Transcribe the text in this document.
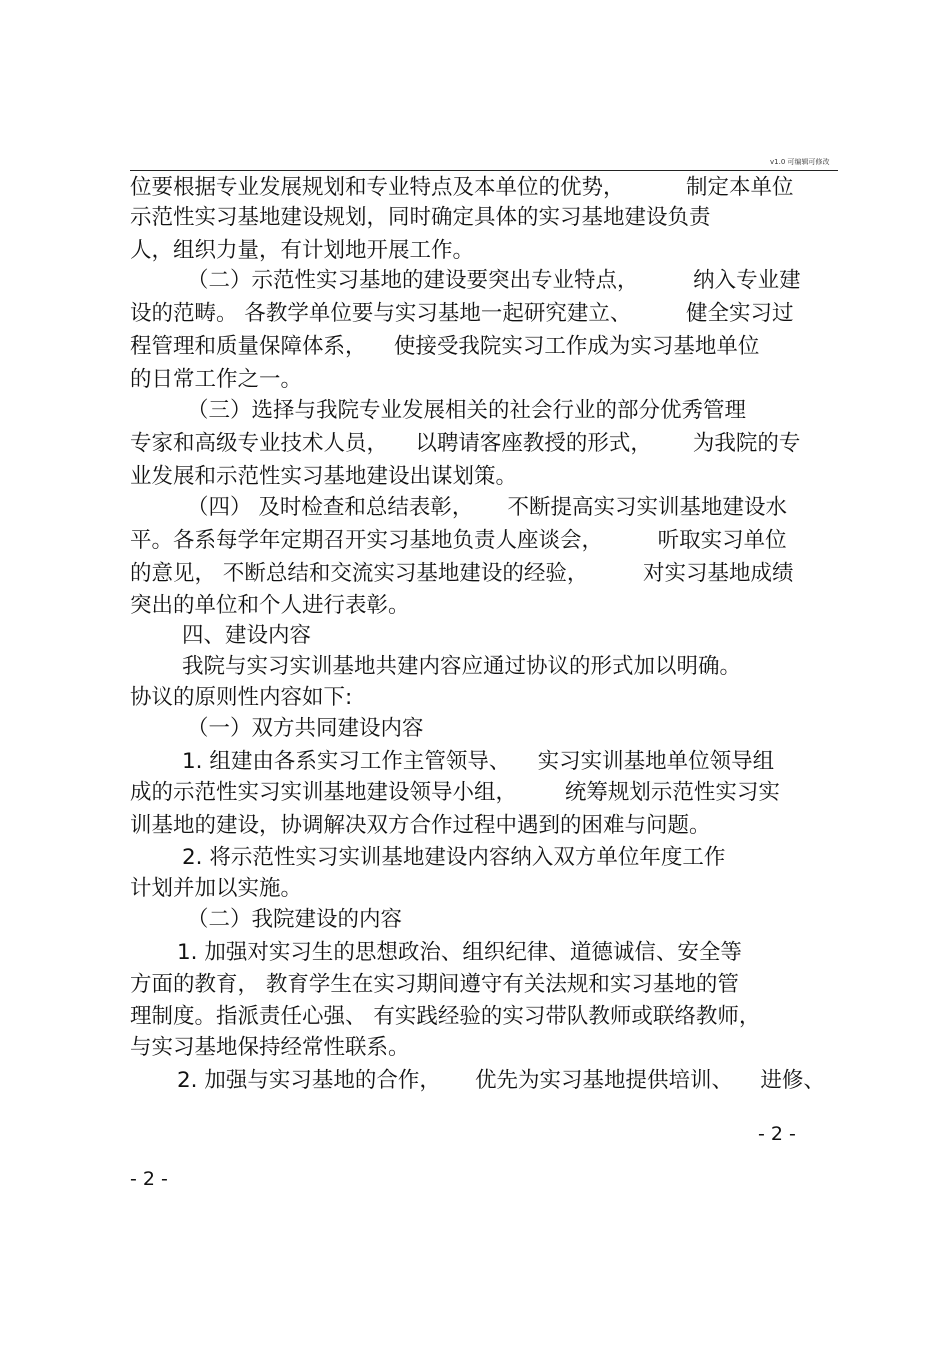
v1.0 可编辑可修改
位要根据专业发展规划和专业特点及本单位的优势，         制定本单位
示范性实习基地建设规划，同时确定具体的实习基地建设负责
人，组织力量，有计划地开展工作。
（二）示范性实习基地的建设要突出专业特点，        纳入专业建
设的范畴。 各教学单位要与实习基地一起研究建立、        健全实习过
程管理和质量保障体系，    使接受我院实习工作成为实习基地单位
的日常工作之一。
（三）选择与我院专业发展相关的社会行业的部分优秀管理
专家和高级专业技术人员，    以聘请客座教授的形式，      为我院的专
业发展和示范性实习基地建设出谋划策。
（四） 及时检查和总结表彰，     不断提高实习实训基地建设水
平。各系每学年定期召开实习基地负责人座谈会，        听取实习单位
的意见， 不断总结和交流实习基地建设的经验，        对实习基地成绩
突出的单位和个人进行表彰。
四、建设内容
我院与实习实训基地共建内容应通过协议的形式加以明确。
协议的原则性内容如下:
（一）双方共同建设内容
1. 组建由各系实习工作主管领导、    实习实训基地单位领导组
成的示范性实习实训基地建设领导小组，       统筹规划示范性实习实
训基地的建设，协调解决双方合作过程中遇到的困难与问题。
2. 将示范性实习实训基地建设内容纳入双方单位年度工作
计划并加以实施。
（二）我院建设的内容
1. 加强对实习生的思想政治、组织纪律、道德诚信、安全等
方面的教育， 教育学生在实习期间遵守有关法规和实习基地的管
理制度。指派责任心强、 有实践经验的实习带队教师或联络教师，
与实习基地保持经常性联系。
2. 加强与实习基地的合作，     优先为实习基地提供培训、    进修、
- 2 -
- 2 -
